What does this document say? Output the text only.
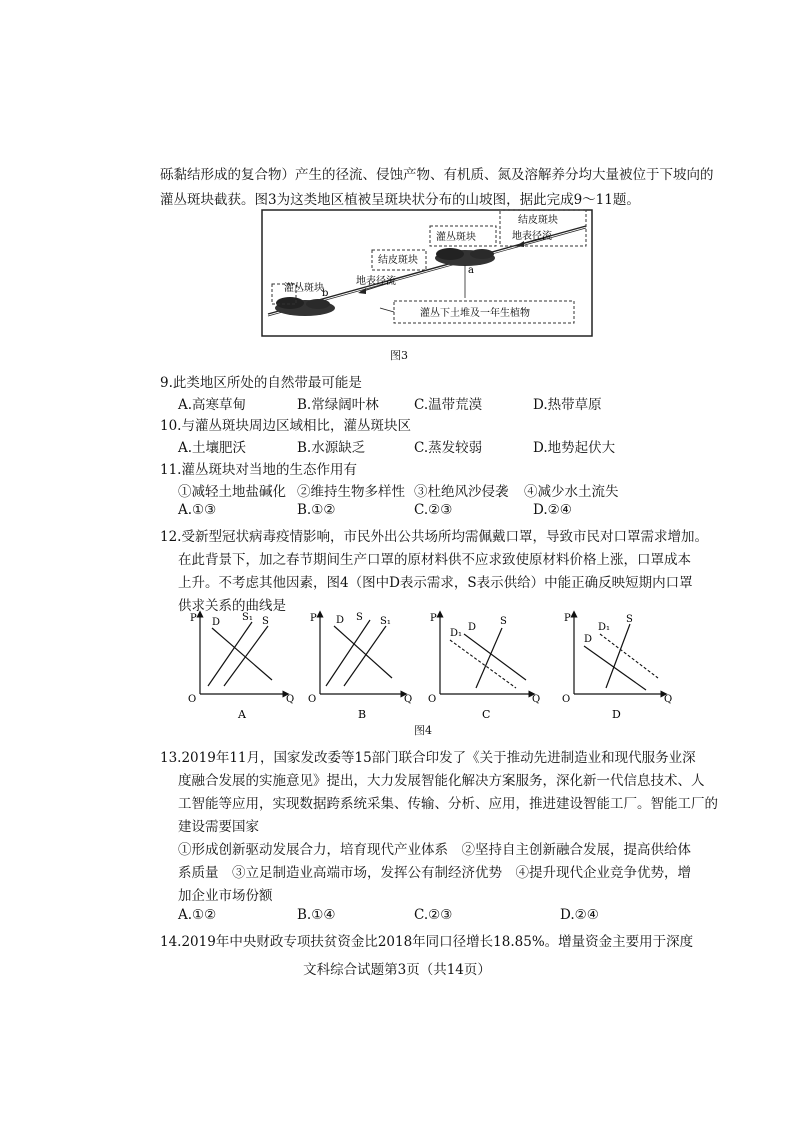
砾黏结形成的复合物）产生的径流、侵蚀产物、有机质、氮及溶解养分均大量被位于下坡向的
灌丛斑块截获。图3为这类地区植被呈斑块状分布的山坡图，据此完成9～11题。
灌丛斑块
b
结皮斑块
地表径流
灌丛斑块
a
结皮斑块
地表径流
灌丛下土堆及一年生植物
图3
9.此类地区所处的自然带最可能是
A.高寒草甸	B.常绿阔叶林	C.温带荒漠	D.热带草原
10.与灌丛斑块周边区域相比，灌丛斑块区
A.土壤肥沃	B.水源缺乏	C.蒸发较弱	D.地势起伏大
11.灌丛斑块对当地的生态作用有
①减轻土地盐碱化 ②维持生物多样性 ③杜绝风沙侵袭 ④减少水土流失
A.①③	B.①②	C.②③	D.②④
12.受新型冠状病毒疫情影响，市民外出公共场所均需佩戴口罩，导致市民对口罩需求增加。
在此背景下，加之春节期间生产口罩的原材料供不应求致使原材料价格上涨，口罩成本
上升。不考虑其他因素，图4（图中D表示需求，S表示供给）中能正确反映短期内口罩
供求关系的曲线是
P
O	Q
D S₁ S
A
P
O	Q
D S S₁
B
P
O	Q
D₁
D
S
C
P
O	Q
D
D₁
S
D
图4
13.2019年11月，国家发改委等15部门联合印发了《关于推动先进制造业和现代服务业深
度融合发展的实施意见》提出，大力发展智能化解决方案服务，深化新一代信息技术、人
工智能等应用，实现数据跨系统采集、传输、分析、应用，推进建设智能工厂。智能工厂的
建设需要国家
①形成创新驱动发展合力，培育现代产业体系　②坚持自主创新融合发展，提高供给体
系质量　③立足制造业高端市场，发挥公有制经济优势　④提升现代企业竞争优势，增
加企业市场份额
A.①②	B.①④	C.②③	D.②④
14.2019年中央财政专项扶贫资金比2018年同口径增长18.85%。增量资金主要用于深度
文科综合试题第3页（共14页）
